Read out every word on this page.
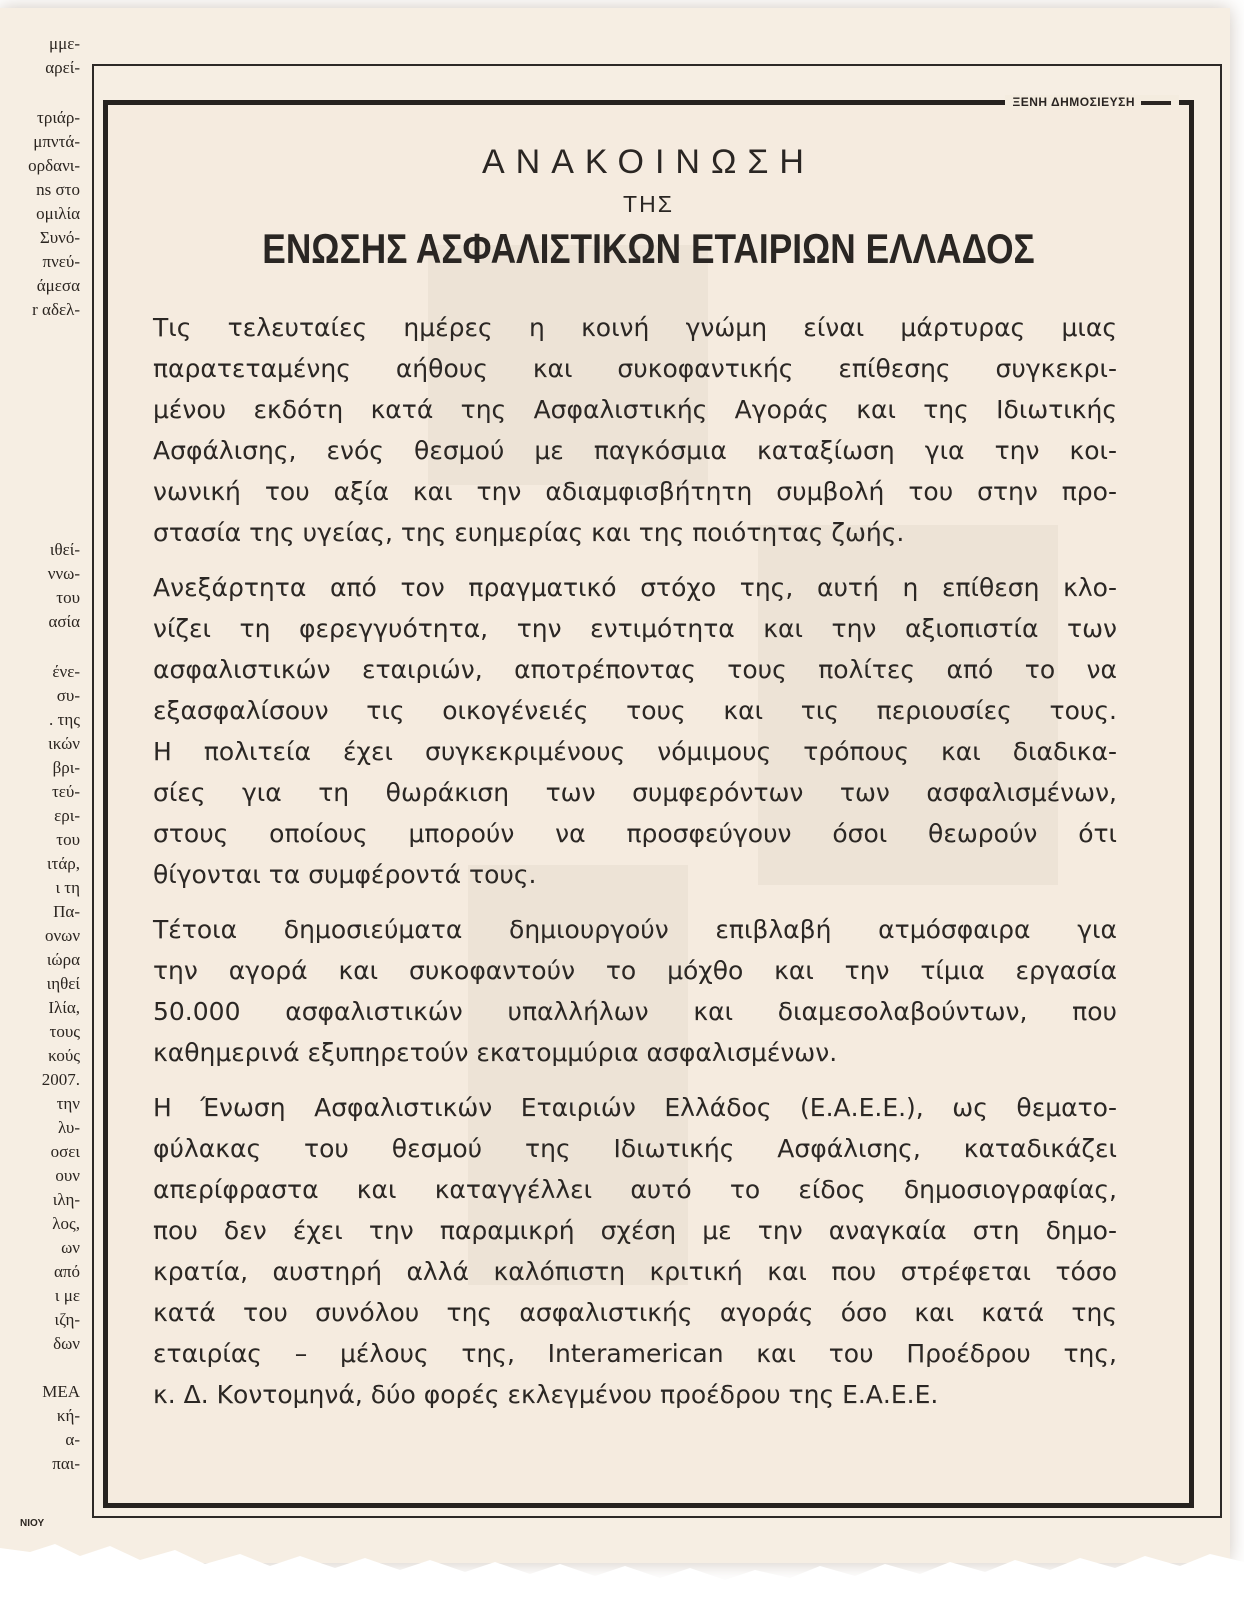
μμε-
αρεί-
τριάρ-
μπντά-
ορδανι-
ns στο
ομιλία
Συνό-
πνεύ-
άμεσα
r αδελ-
ιθεί-
ννω-
του
ασία
ένε-
συ-
. της
ικών
βρι-
τεύ-
ερι-
του
ιτάρ,
ι τη
Πα-
ονων
ιώρα
ιηθεί
Ιλία,
τους
κούς
2007.
την
λυ-
οσει
ουν
ιλη-
λος,
ων
από
ι με
ιζη-
δων
ΜΕΑ
κή-
α-
παι-
ΝΙΟΥ
ΞΕΝΗ ΔΗΜΟΣΙΕΥΣΗ
ΑΝΑΚΟΙΝΩΣΗ
ΤΗΣ
ΕΝΩΣΗΣ ΑΣΦΑΛΙΣΤΙΚΩΝ ΕΤΑΙΡΙΩΝ ΕΛΛΑΔΟΣ
Τις τελευταίες ημέρες η κοινή γνώμη είναι μάρτυρας μιας
παρατεταμένης αήθους και συκοφαντικής επίθεσης συγκεκρι-
μένου εκδότη κατά της Ασφαλιστικής Αγοράς και της Ιδιωτικής
Ασφάλισης, ενός θεσμού με παγκόσμια καταξίωση για την κοι-
νωνική του αξία και την αδιαμφισβήτητη συμβολή του στην προ-
στασία της υγείας, της ευημερίας και της ποιότητας ζωής.
Ανεξάρτητα από τον πραγματικό στόχο της, αυτή η επίθεση κλο-
νίζει τη φερεγγυότητα, την εντιμότητα και την αξιοπιστία των
ασφαλιστικών εταιριών, αποτρέποντας τους πολίτες από το να
εξασφαλίσουν τις οικογένειές τους και τις περιουσίες τους.
Η πολιτεία έχει συγκεκριμένους νόμιμους τρόπους και διαδικα-
σίες για τη θωράκιση των συμφερόντων των ασφαλισμένων,
στους οποίους μπορούν να προσφεύγουν όσοι θεωρούν ότι
θίγονται τα συμφέροντά τους.
Τέτοια δημοσιεύματα δημιουργούν επιβλαβή ατμόσφαιρα για
την αγορά και συκοφαντούν το μόχθο και την τίμια εργασία
50.000 ασφαλιστικών υπαλλήλων και διαμεσολαβούντων, που
καθημερινά εξυπηρετούν εκατομμύρια ασφαλισμένων.
Η Ένωση Ασφαλιστικών Εταιριών Ελλάδος (Ε.Α.Ε.Ε.), ως θεματο-
φύλακας του θεσμού της Ιδιωτικής Ασφάλισης, καταδικάζει
απερίφραστα και καταγγέλλει αυτό το είδος δημοσιογραφίας,
που δεν έχει την παραμικρή σχέση με την αναγκαία στη δημο-
κρατία, αυστηρή αλλά καλόπιστη κριτική και που στρέφεται τόσο
κατά του συνόλου της ασφαλιστικής αγοράς όσο και κατά της
εταιρίας – μέλους της, Interamerican και του Προέδρου της,
κ. Δ. Κοντομηνά, δύο φορές εκλεγμένου προέδρου της Ε.Α.Ε.Ε.
